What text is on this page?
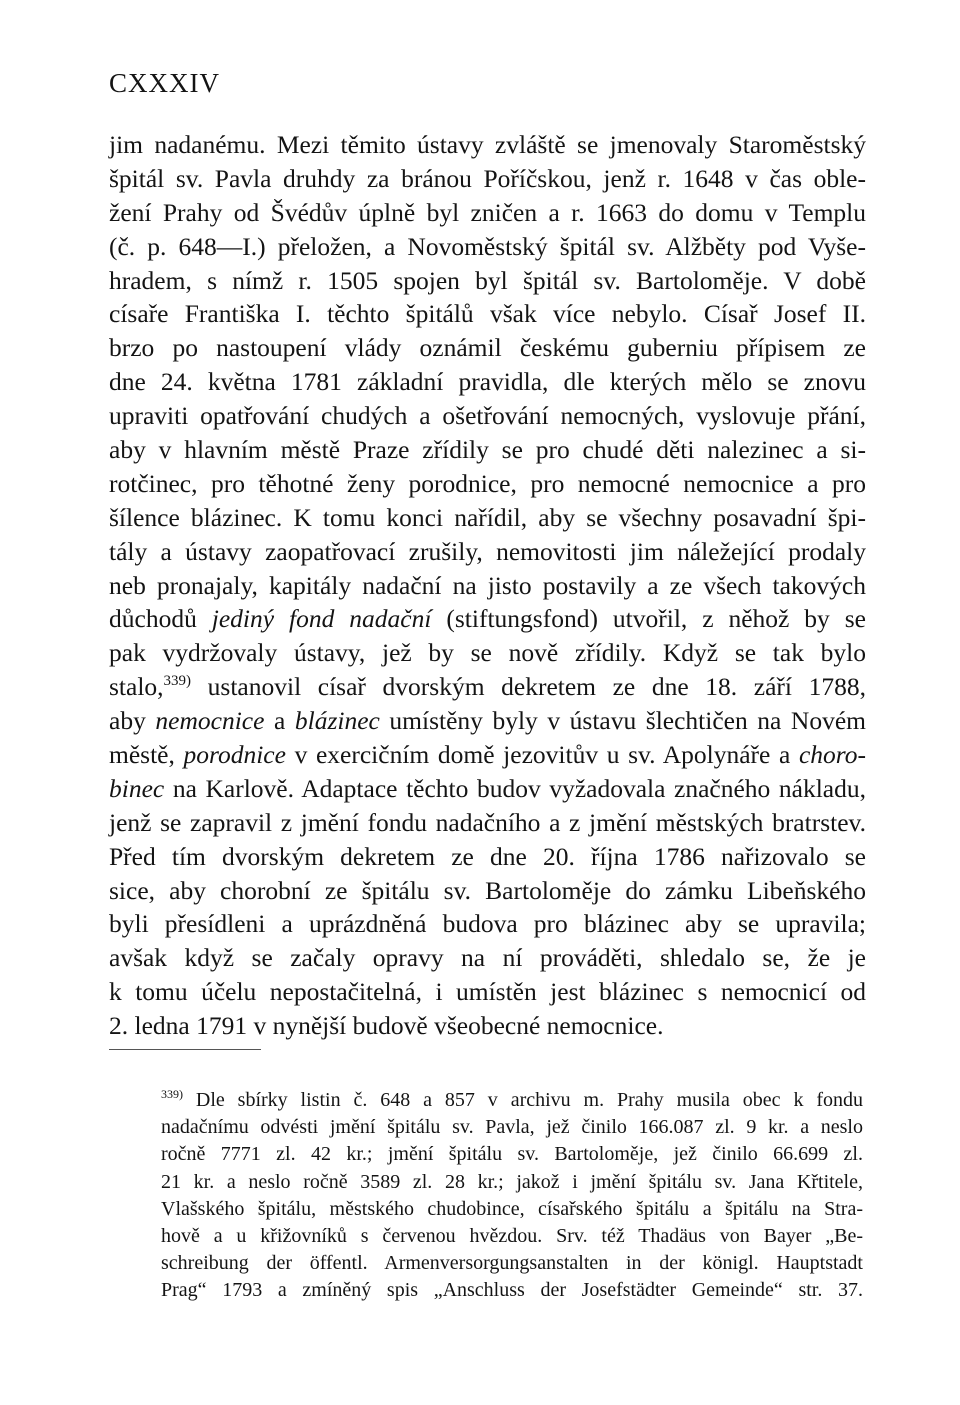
CXXXIV
jim nadanému. Mezi těmito ústavy zvláště se jmenovaly Staroměstský
špitál sv. Pavla druhdy za bránou Poříčskou, jenž r. 1648 v čas oble-
žení Prahy od Švédův úplně byl zničen a r. 1663 do domu v Templu
(č. p. 648—I.) přeložen, a Novoměstský špitál sv. Alžběty pod Vyše-
hradem, s nímž r. 1505 spojen byl špitál sv. Bartoloměje. V době
císaře Františka I. těchto špitálů však více nebylo. Císař Josef II.
brzo po nastoupení vlády oznámil českému guberniu přípisem ze
dne 24. května 1781 základní pravidla, dle kterých mělo se znovu
upraviti opatřování chudých a ošetřování nemocných, vyslovuje přání,
aby v hlavním městě Praze zřídily se pro chudé děti nalezinec a si-
rotčinec, pro těhotné ženy porodnice, pro nemocné nemocnice a pro
šílence blázinec. K tomu konci nařídil, aby se všechny posavadní špi-
tály a ústavy zaopatřovací zrušily, nemovitosti jim náležející prodaly
neb pronajaly, kapitály nadační na jisto postavily a ze všech takových
důchodů jediný fond nadační (stiftungsfond) utvořil, z něhož by se
pak vydržovaly ústavy, jež by se nově zřídily. Když se tak bylo
stalo,$^{339)}$ ustanovil císař dvorským dekretem ze dne 18. září 1788,
aby nemocnice a blázinec umístěny byly v ústavu šlechtičen na Novém
městě, porodnice v exercičním domě jezovitův u sv. Apolynáře a choro-
binec na Karlově. Adaptace těchto budov vyžadovala značného nákladu,
jenž se zapravil z jmění fondu nadačního a z jmění městských bratrstev.
Před tím dvorským dekretem ze dne 20. října 1786 nařizovalo se
sice, aby chorobní ze špitálu sv. Bartoloměje do zámku Libeňského
byli přesídleni a uprázdněná budova pro blázinec aby se upravila;
avšak když se začaly opravy na ní prováděti, shledalo se, že je
k tomu účelu nepostačitelná, i umístěn jest blázinec s nemocnicí od
2. ledna 1791 v nynější budově všeobecné nemocnice.
$^{339)}$ Dle sbírky listin č. 648 a 857 v archivu m. Prahy musila obec k fondu
nadačnímu odvésti jmění špitálu sv. Pavla, jež činilo 166.087 zl. 9 kr. a neslo
ročně 7771 zl. 42 kr.; jmění špitálu sv. Bartoloměje, jež činilo 66.699 zl.
21 kr. a neslo ročně 3589 zl. 28 kr.; jakož i jmění špitálu sv. Jana Křtitele,
Vlašského špitálu, městského chudobince, císařského špitálu a špitálu na Stra-
hově a u křižovníků s červenou hvězdou. Srv. též Thadäus von Bayer „Be-
schreibung der öffentl. Armenversorgungsanstalten in der königl. Hauptstadt
Prag“ 1793 a zmíněný spis „Anschluss der Josefstädter Gemeinde“ str. 37.
